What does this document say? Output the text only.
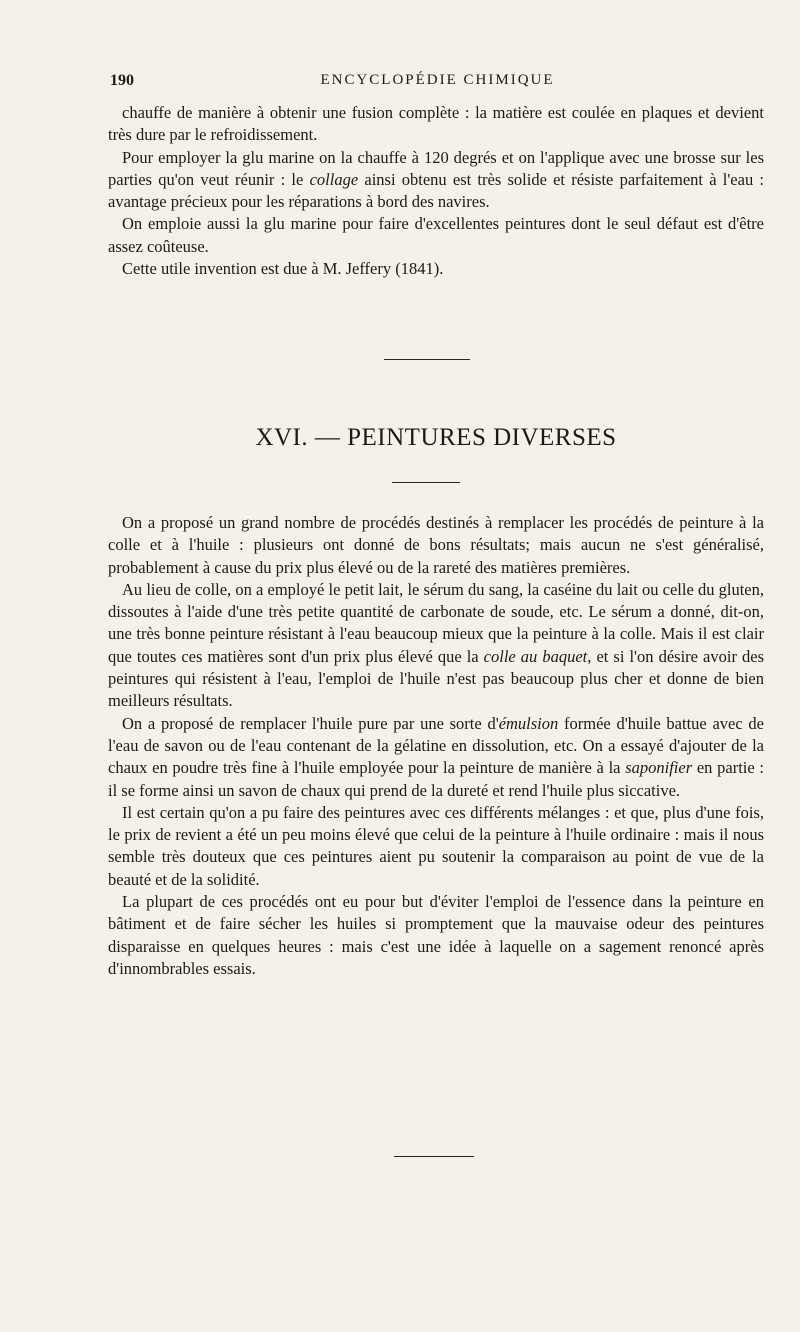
190	ENCYCLOPÉDIE CHIMIQUE

chauffe de manière à obtenir une fusion complète : la matière est coulée en plaques et devient très dure par le refroidissement.

Pour employer la glu marine on la chauffe à 120 degrés et on l'applique avec une brosse sur les parties qu'on veut réunir : le collage ainsi obtenu est très solide et résiste parfaitement à l'eau : avantage précieux pour les réparations à bord des navires.

On emploie aussi la glu marine pour faire d'excellentes peintures dont le seul défaut est d'être assez coûteuse.

Cette utile invention est due à M. Jeffery (1841).

XVI. — PEINTURES DIVERSES

On a proposé un grand nombre de procédés destinés à remplacer les procédés de peinture à la colle et à l'huile : plusieurs ont donné de bons résultats; mais aucun ne s'est généralisé, probablement à cause du prix plus élevé ou de la rareté des matières premières.

Au lieu de colle, on a employé le petit lait, le sérum du sang, la caséine du lait ou celle du gluten, dissoutes à l'aide d'une très petite quantité de carbonate de soude, etc. Le sérum a donné, dit-on, une très bonne peinture résistant à l'eau beaucoup mieux que la peinture à la colle. Mais il est clair que toutes ces matières sont d'un prix plus élevé que la colle au baquet, et si l'on désire avoir des peintures qui résistent à l'eau, l'emploi de l'huile n'est pas beaucoup plus cher et donne de bien meilleurs résultats.

On a proposé de remplacer l'huile pure par une sorte d'émulsion formée d'huile battue avec de l'eau de savon ou de l'eau contenant de la gélatine en dissolution, etc. On a essayé d'ajouter de la chaux en poudre très fine à l'huile employée pour la peinture de manière à la saponifier en partie : il se forme ainsi un savon de chaux qui prend de la dureté et rend l'huile plus siccative.

Il est certain qu'on a pu faire des peintures avec ces différents mélanges : et que, plus d'une fois, le prix de revient a été un peu moins élevé que celui de la peinture à l'huile ordinaire : mais il nous semble très douteux que ces peintures aient pu soutenir la comparaison au point de vue de la beauté et de la solidité.

La plupart de ces procédés ont eu pour but d'éviter l'emploi de l'essence dans la peinture en bâtiment et de faire sécher les huiles si promptement que la mauvaise odeur des peintures disparaisse en quelques heures : mais c'est une idée à laquelle on a sagement renoncé après d'innombrables essais.
